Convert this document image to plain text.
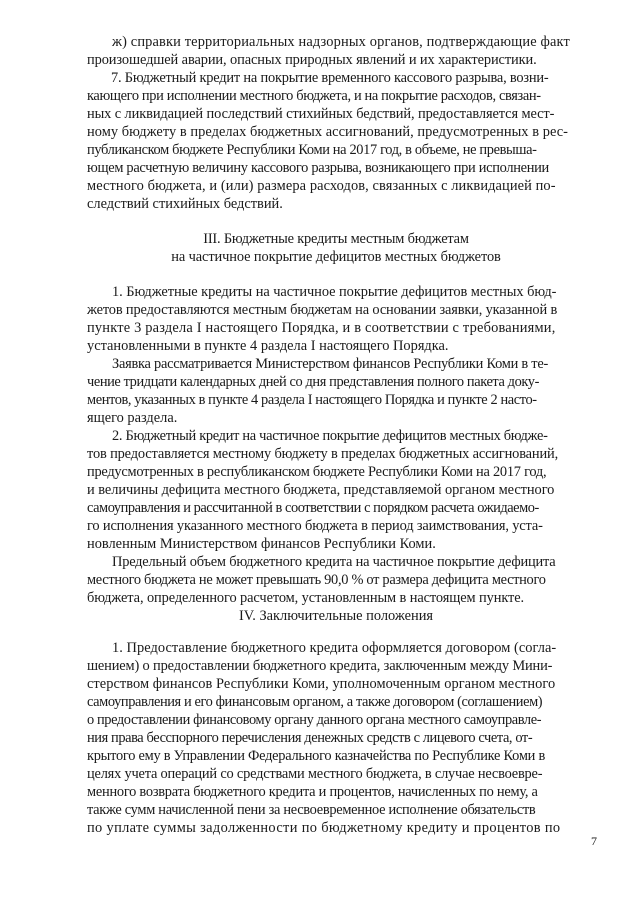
ж) справки территориальных надзорных органов, подтверждающие факт
произошедшей аварии, опасных природных явлений и их характеристики.
7. Бюджетный кредит на покрытие временного кассового разрыва, возни-
кающего при исполнении местного бюджета, и на покрытие расходов, связан-
ных с ликвидацией последствий стихийных бедствий, предоставляется мест-
ному бюджету в пределах бюджетных ассигнований, предусмотренных в рес-
публиканском бюджете Республики Коми на 2017 год, в объеме, не превыша-
ющем расчетную величину кассового разрыва, возникающего при исполнении
местного бюджета, и (или) размера расходов, связанных с ликвидацией по-
следствий стихийных бедствий.
III. Бюджетные кредиты местным бюджетам
на частичное покрытие дефицитов местных бюджетов
1. Бюджетные кредиты на частичное покрытие дефицитов местных бюд-
жетов предоставляются местным бюджетам на основании заявки, указанной в
пункте 3 раздела I настоящего Порядка, и в соответствии с требованиями,
установленными в пункте 4 раздела I настоящего Порядка.
Заявка рассматривается Министерством финансов Республики Коми в те-
чение тридцати календарных дней со дня представления полного пакета доку-
ментов, указанных в пункте 4 раздела I настоящего Порядка и пункте 2 насто-
ящего раздела.
2. Бюджетный кредит на частичное покрытие дефицитов местных бюдже-
тов предоставляется местному бюджету в пределах бюджетных ассигнований,
предусмотренных в республиканском бюджете Республики Коми на 2017 год,
и величины дефицита местного бюджета, представляемой органом местного
самоуправления и рассчитанной в соответствии с порядком расчета ожидаемо-
го исполнения указанного местного бюджета в период заимствования, уста-
новленным Министерством финансов Республики Коми.
Предельный объем бюджетного кредита на частичное покрытие дефицита
местного бюджета не может превышать 90,0 % от размера дефицита местного
бюджета, определенного расчетом, установленным в настоящем пункте.
IV. Заключительные положения
1. Предоставление бюджетного кредита оформляется договором (согла-
шением) о предоставлении бюджетного кредита, заключенным между Мини-
стерством финансов Республики Коми, уполномоченным органом местного
самоуправления и его финансовым органом, а также договором (соглашением)
о предоставлении финансовому органу данного органа местного самоуправле-
ния права бесспорного перечисления денежных средств с лицевого счета, от-
крытого ему в Управлении Федерального казначейства по Республике Коми в
целях учета операций со средствами местного бюджета, в случае несвоевре-
менного возврата бюджетного кредита и процентов, начисленных по нему, а
также сумм начисленной пени за несвоевременное исполнение обязательств
по уплате суммы задолженности по бюджетному кредиту и процентов по
7
